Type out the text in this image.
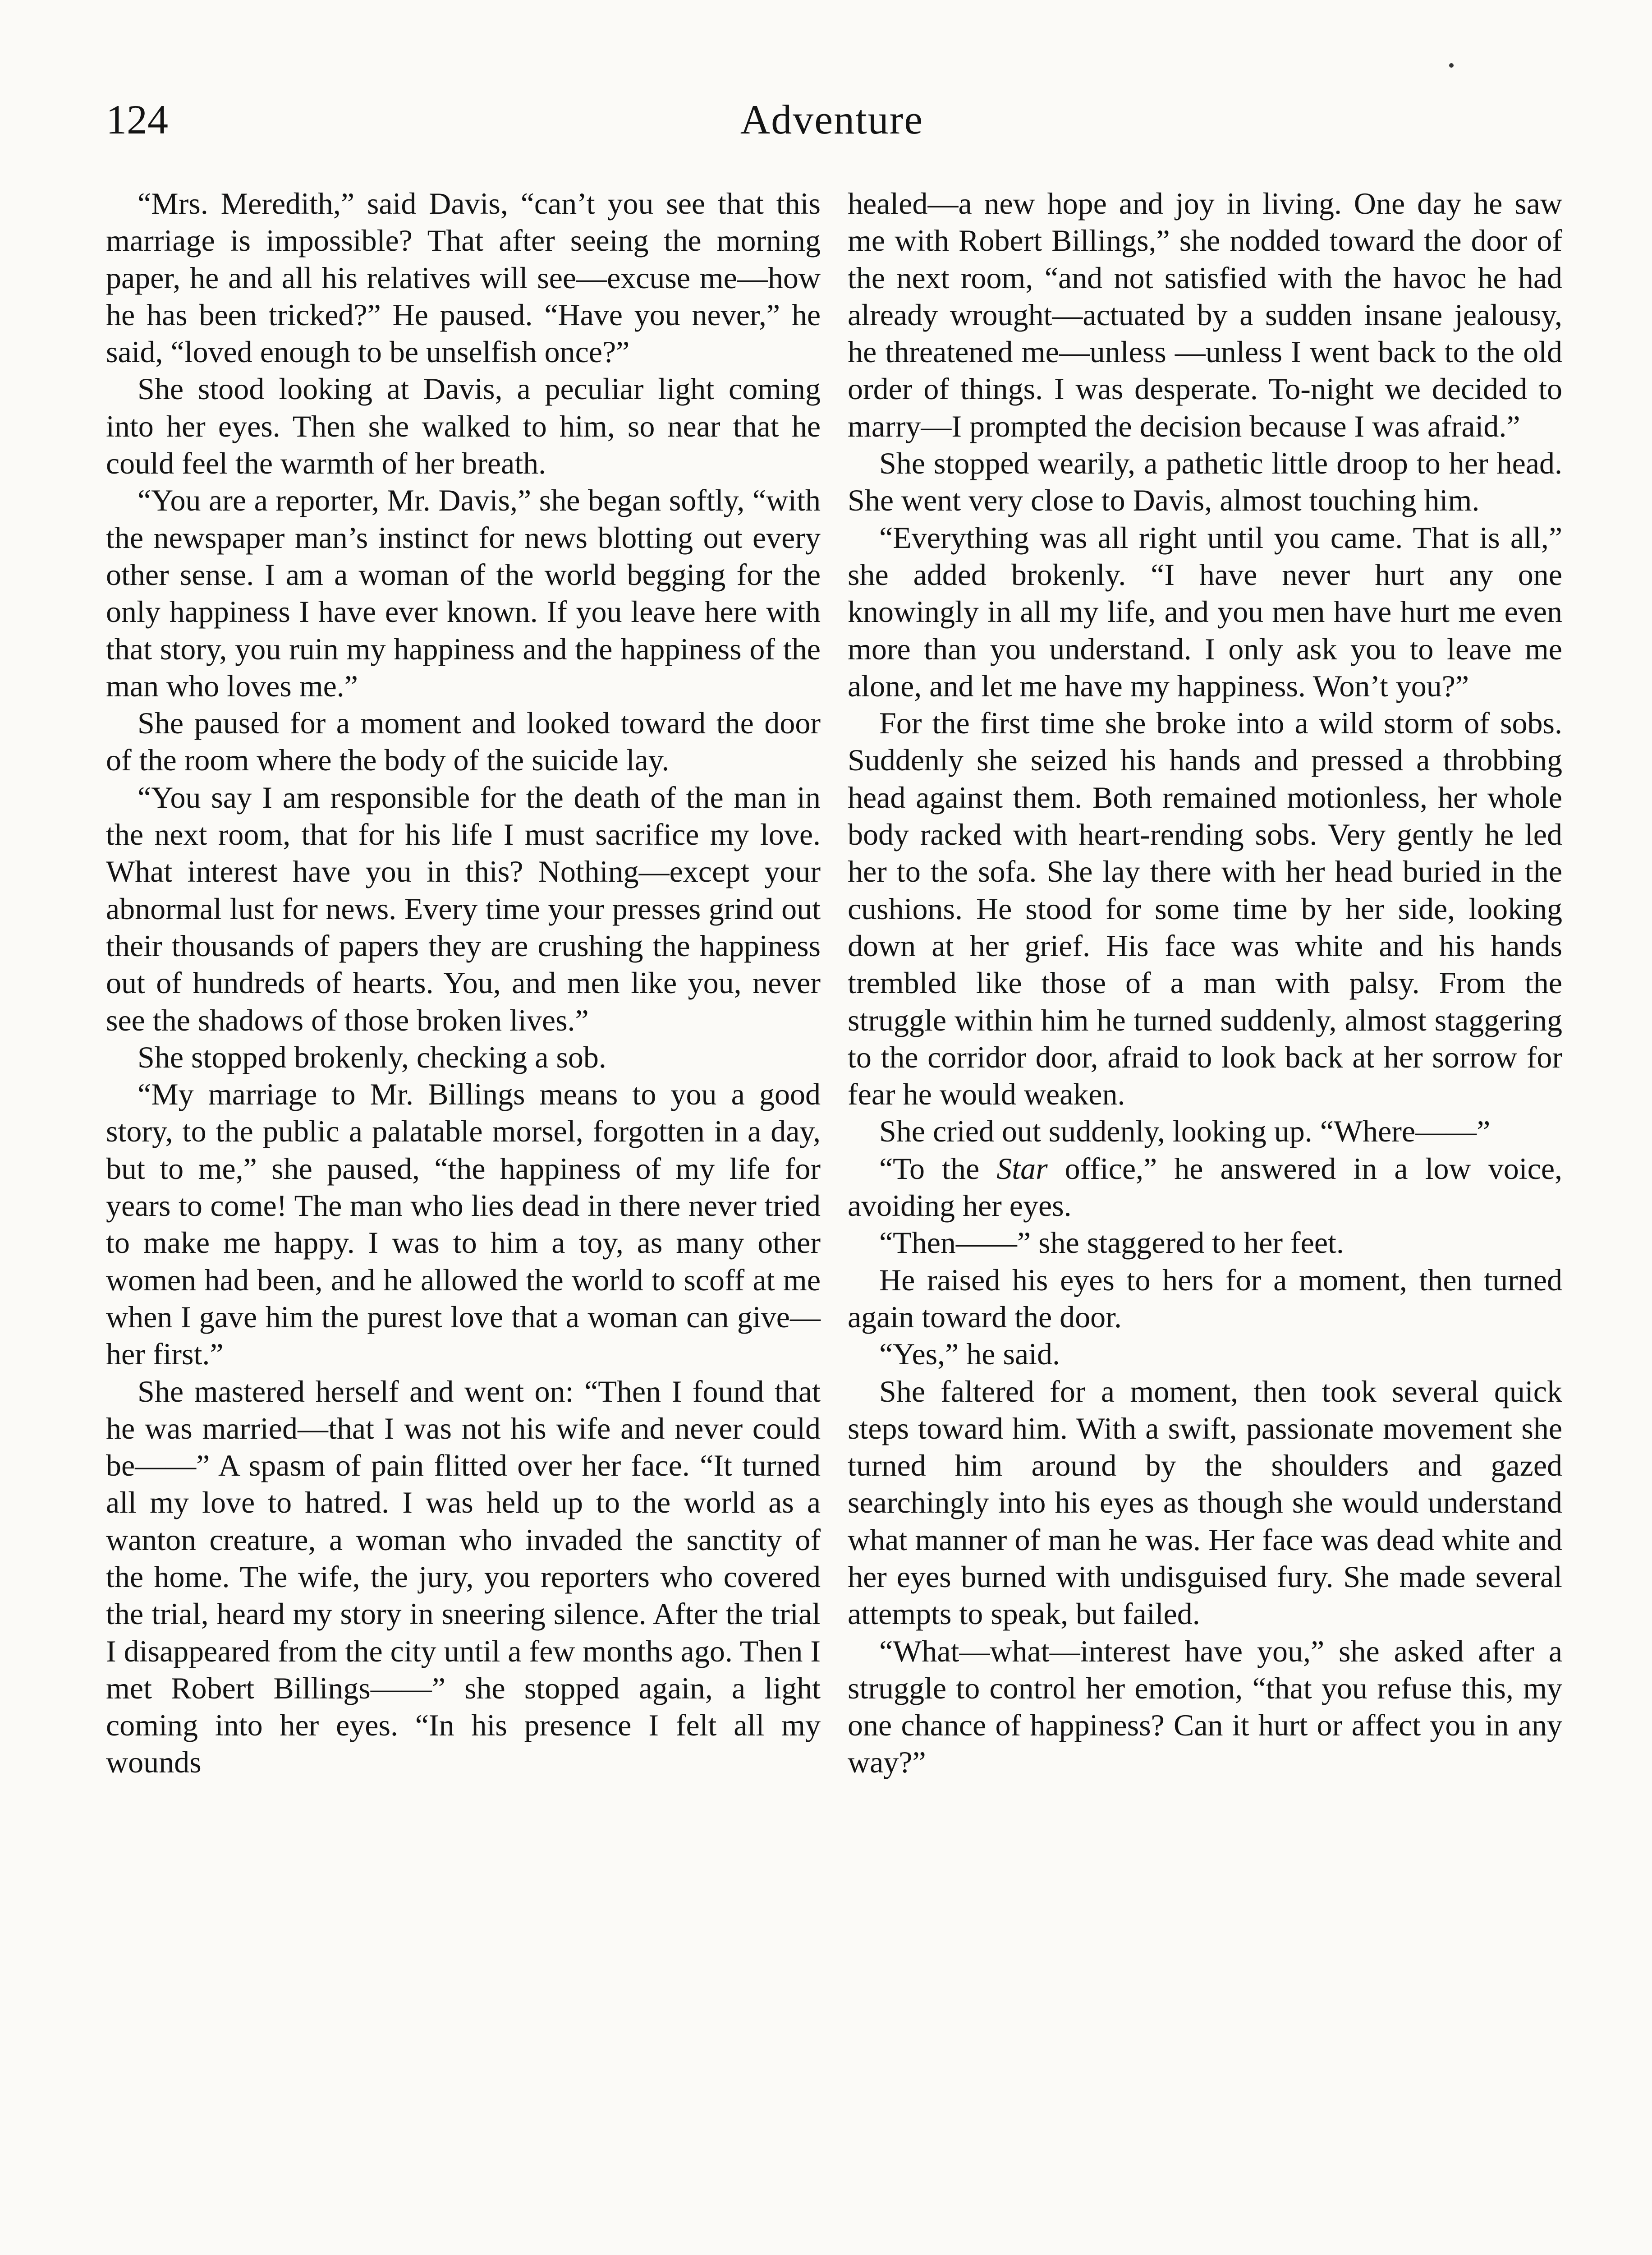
124	Adventure

“Mrs. Meredith,” said Davis, “can’t you see that this marriage is impossible? That after seeing the morning paper, he and all his relatives will see—excuse me—how he has been tricked?” He paused. “Have you never,” he said, “loved enough to be unselfish once?”

She stood looking at Davis, a peculiar light coming into her eyes. Then she walked to him, so near that he could feel the warmth of her breath.

“You are a reporter, Mr. Davis,” she began softly, “with the newspaper man’s instinct for news blotting out every other sense. I am a woman of the world begging for the only happiness I have ever known. If you leave here with that story, you ruin my happiness and the happiness of the man who loves me.”

She paused for a moment and looked toward the door of the room where the body of the suicide lay.

“You say I am responsible for the death of the man in the next room, that for his life I must sacrifice my love. What interest have you in this? Nothing—except your abnormal lust for news. Every time your presses grind out their thousands of papers they are crushing the happiness out of hundreds of hearts. You, and men like you, never see the shadows of those broken lives.”

She stopped brokenly, checking a sob.

“My marriage to Mr. Billings means to you a good story, to the public a palatable morsel, forgotten in a day, but to me,” she paused, “the happiness of my life for years to come! The man who lies dead in there never tried to make me happy. I was to him a toy, as many other women had been, and he allowed the world to scoff at me when I gave him the purest love that a woman can give—her first.”

She mastered herself and went on: “Then I found that he was married—that I was not his wife and never could be——” A spasm of pain flitted over her face. “It turned all my love to hatred. I was held up to the world as a wanton creature, a woman who invaded the sanctity of the home. The wife, the jury, you reporters who covered the trial, heard my story in sneering silence. After the trial I disappeared from the city until a few months ago. Then I met Robert Billings——” she stopped again, a light coming into her eyes. “In his presence I felt all my wounds

healed—a new hope and joy in living. One day he saw me with Robert Billings,” she nodded toward the door of the next room, “and not satisfied with the havoc he had already wrought—actuated by a sudden insane jealousy, he threatened me—unless —unless I went back to the old order of things. I was desperate. To-night we decided to marry—I prompted the decision because I was afraid.”

She stopped wearily, a pathetic little droop to her head. She went very close to Davis, almost touching him.

“Everything was all right until you came. That is all,” she added brokenly. “I have never hurt any one knowingly in all my life, and you men have hurt me even more than you understand. I only ask you to leave me alone, and let me have my happiness. Won’t you?”

For the first time she broke into a wild storm of sobs. Suddenly she seized his hands and pressed a throbbing head against them. Both remained motionless, her whole body racked with heart-rending sobs. Very gently he led her to the sofa. She lay there with her head buried in the cushions. He stood for some time by her side, looking down at her grief. His face was white and his hands trembled like those of a man with palsy. From the struggle within him he turned suddenly, almost staggering to the corridor door, afraid to look back at her sorrow for fear he would weaken.

She cried out suddenly, looking up. “Where——”

“To the Star office,” he answered in a low voice, avoiding her eyes.

“Then——” she staggered to her feet.

He raised his eyes to hers for a moment, then turned again toward the door.

“Yes,” he said.

She faltered for a moment, then took several quick steps toward him. With a swift, passionate movement she turned him around by the shoulders and gazed searchingly into his eyes as though she would understand what manner of man he was. Her face was dead white and her eyes burned with undisguised fury. She made several attempts to speak, but failed.

“What—what—interest have you,” she asked after a struggle to control her emotion, “that you refuse this, my one chance of happiness? Can it hurt or affect you in any way?”
